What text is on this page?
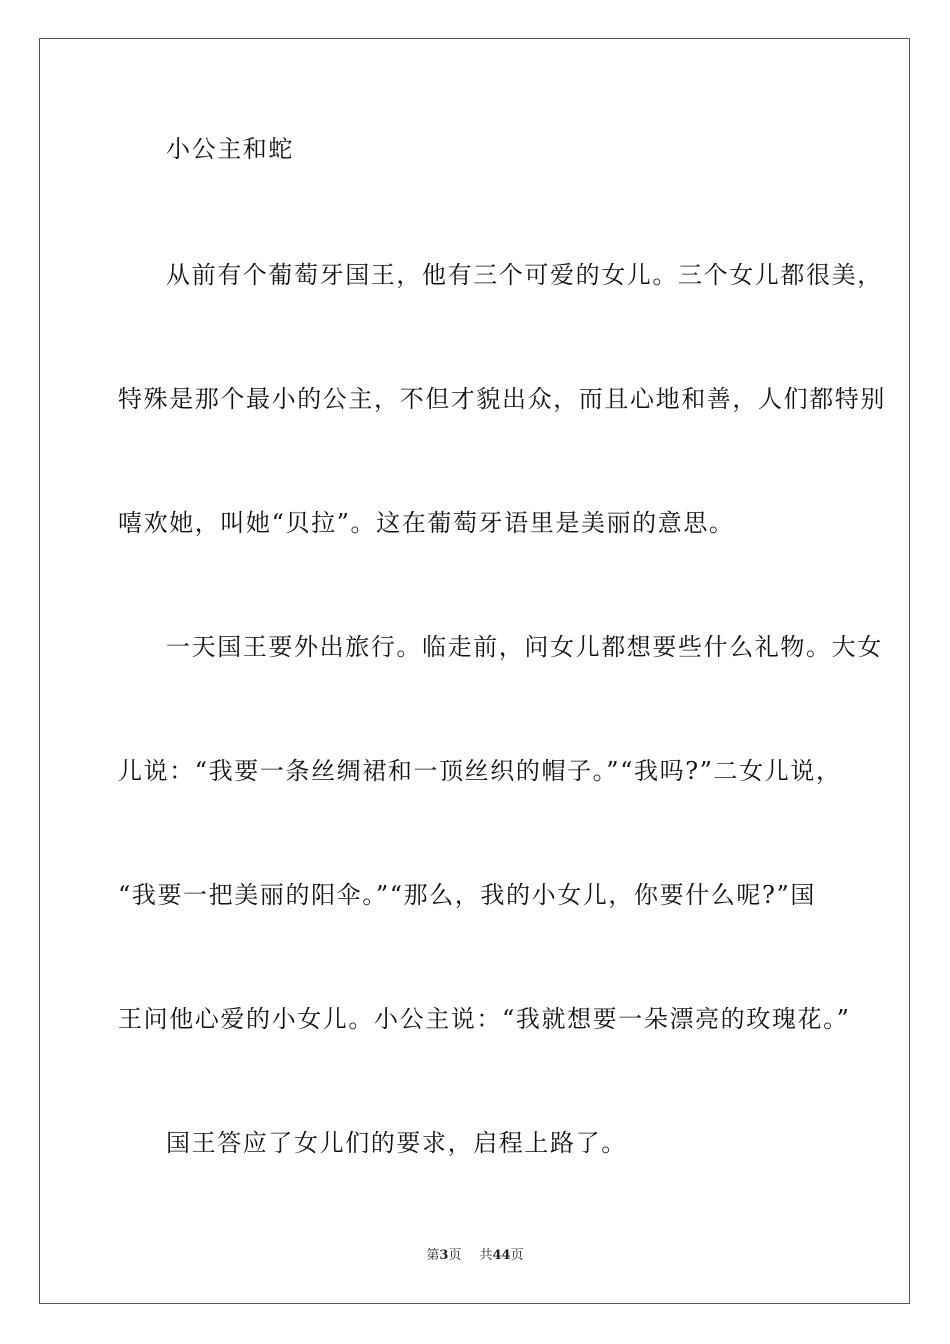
小公主和蛇
从前有个葡萄牙国王，他有三个可爱的女儿。三个女儿都很美，
特殊是那个最小的公主，不但才貌出众，而且心地和善，人们都特别
嘻欢她，叫她“贝拉”。这在葡萄牙语里是美丽的意思。
一天国王要外出旅行。临走前，问女儿都想要些什么礼物。大女
儿说：“我要一条丝绸裙和一顶丝织的帽子。”“我吗?”二女儿说，
“我要一把美丽的阳伞。”“那么，我的小女儿，你要什么呢?”国
王问他心爱的小女儿。小公主说：“我就想要一朵漂亮的玫瑰花。”
国王答应了女儿们的要求，启程上路了。
第3页 共44页
